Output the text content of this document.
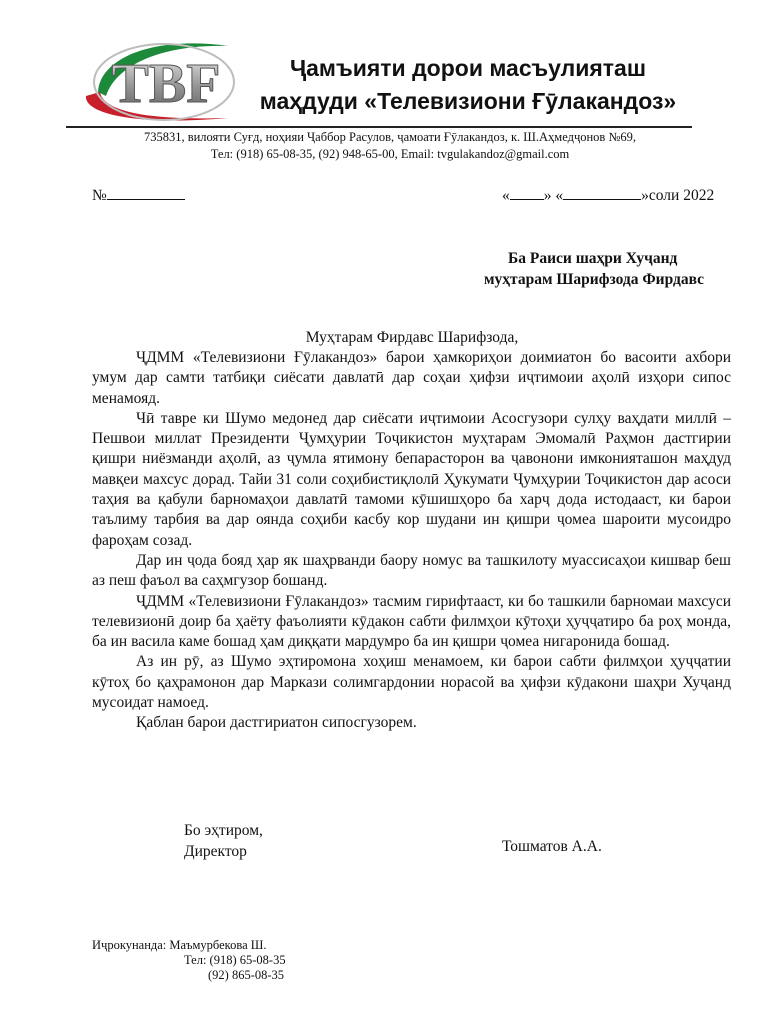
TBF	Ҷамъияти дорои масъулияташ
маҳдуди «Телевизиони Ғӯлакандоз»
735831, вилояти Суғд, ноҳияи Ҷаббор Расулов, ҷамоати Ғӯлакандоз, к. Ш.Аҳмедҷонов №69,
Тел: (918) 65-08-35, (92) 948-65-00, Email: tvgulakandoz@gmail.com
№	« » «	»соли 2022
Ба Раиси шаҳри Хуҷанд
муҳтарам Шарифзода Фирдавс
Муҳтарам Фирдавс Шарифзода,

ҶДММ «Телевизиони Ғӯлакандоз» барои ҳамкориҳои доимиатон бо васоити ахбори умум дар самти татбиқи сиёсати давлатӣ дар соҳаи ҳифзи иҷтимоии аҳолӣ изҳори сипос менамояд.

Чӣ тавре ки Шумо медонед дар сиёсати иҷтимоии Асосгузори сулҳу ваҳдати миллӣ – Пешвои миллат Президенти Ҷумҳурии Тоҷикистон муҳтарам Эмомалӣ Раҳмон дастгирии қишри ниёзманди аҳолӣ, аз ҷумла ятимону бепарасторон ва ҷавонони имконияташон маҳдуд мавқеи махсус дорад. Тайи 31 соли соҳибистиқлолӣ Ҳукумати Ҷумҳурии Тоҷикистон дар асоси таҳия ва қабули барномаҳои давлатӣ тамоми кӯшишҳоро ба харҷ дода истодааст, ки барои таълиму тарбия ва дар оянда соҳиби касбу кор шудани ин қишри ҷомеа шароити мусоидро фароҳам созад.

Дар ин ҷода бояд ҳар як шаҳрванди баору номус ва ташкилоту муассисаҳои кишвар беш аз пеш фаъол ва саҳмгузор бошанд.

ҶДММ «Телевизиони Ғӯлакандоз» тасмим гирифтааст, ки бо ташкили барномаи махсуси телевизионӣ доир ба ҳаёту фаъолияти кӯдакон сабти филмҳои кӯтоҳи ҳуҷҷатиро ба роҳ монда, ба ин васила каме бошад ҳам диққати мардумро ба ин қишри ҷомеа нигаронида бошад.

Аз ин рӯ, аз Шумо эҳтиромона хоҳиш менамоем, ки барои сабти филмҳои ҳуҷҷатии кӯтоҳ бо қаҳрамонон дар Маркази солимгардонии норасой ва ҳифзи кӯдакони шаҳри Хуҷанд мусоидат намоед.

Қаблан барои дастгириатон сипосгузорем.

Бо эҳтиром,
Директор	Тошматов А.А.
Иҷрокунанда: Маъмурбекова Ш.
Тел: (918) 65-08-35
(92) 865-08-35
